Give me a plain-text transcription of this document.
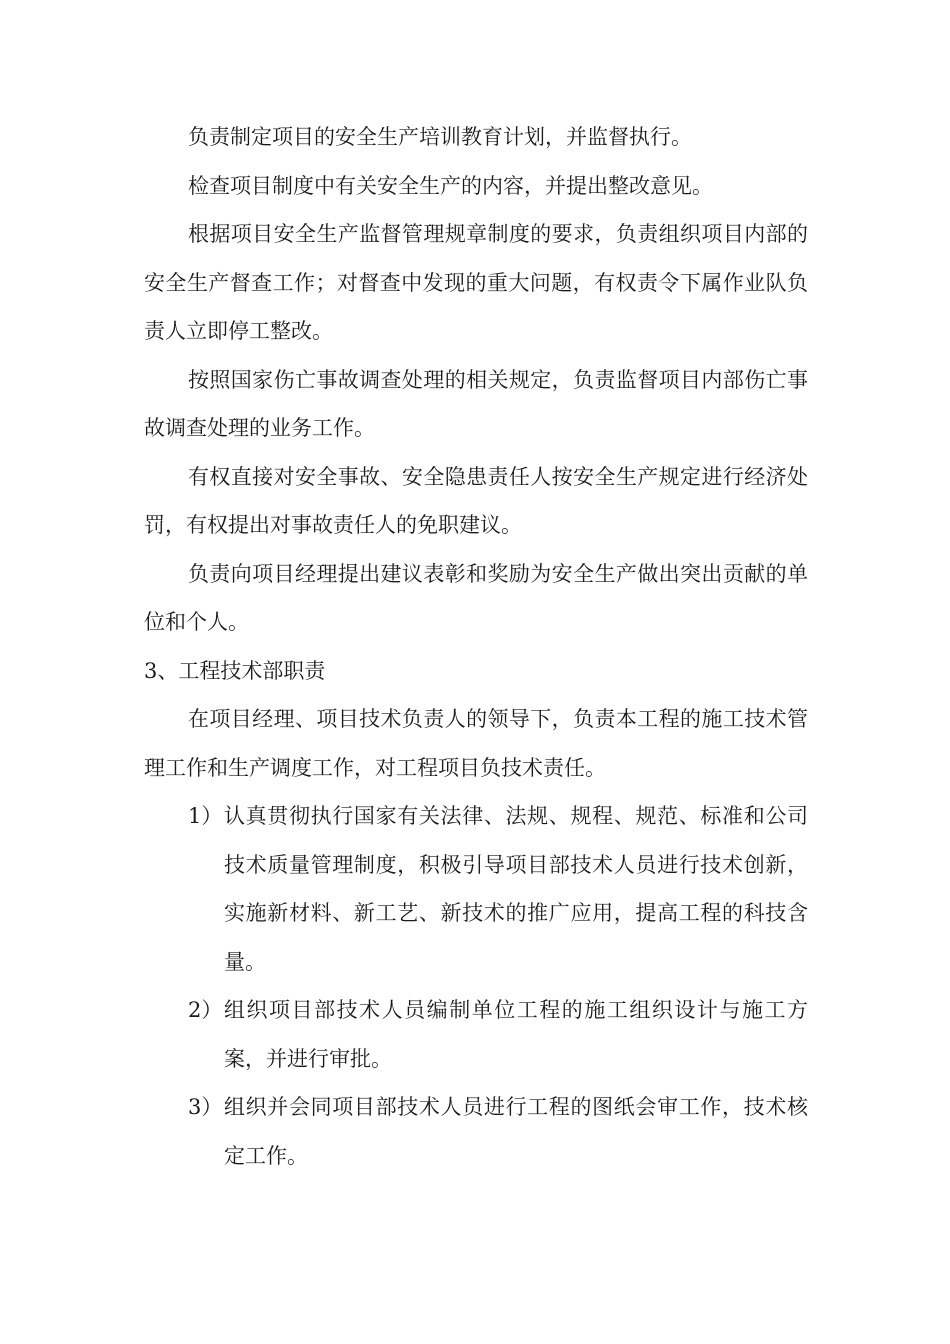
负责制定项目的安全生产培训教育计划，并监督执行。

检查项目制度中有关安全生产的内容，并提出整改意见。

根据项目安全生产监督管理规章制度的要求，负责组织项目内部的安全生产督查工作；对督查中发现的重大问题，有权责令下属作业队负责人立即停工整改。

按照国家伤亡事故调查处理的相关规定，负责监督项目内部伤亡事故调查处理的业务工作。

有权直接对安全事故、安全隐患责任人按安全生产规定进行经济处罚，有权提出对事故责任人的免职建议。

负责向项目经理提出建议表彰和奖励为安全生产做出突出贡献的单位和个人。

3、工程技术部职责

在项目经理、项目技术负责人的领导下，负责本工程的施工技术管理工作和生产调度工作，对工程项目负技术责任。

1） 认真贯彻执行国家有关法律、法规、规程、规范、标准和公司技术质量管理制度，积极引导项目部技术人员进行技术创新，实施新材料、新工艺、新技术的推广应用，提高工程的科技含量。
2） 组织项目部技术人员编制单位工程的施工组织设计与施工方案，并进行审批。
3） 组织并会同项目部技术人员进行工程的图纸会审工作，技术核定工作。
